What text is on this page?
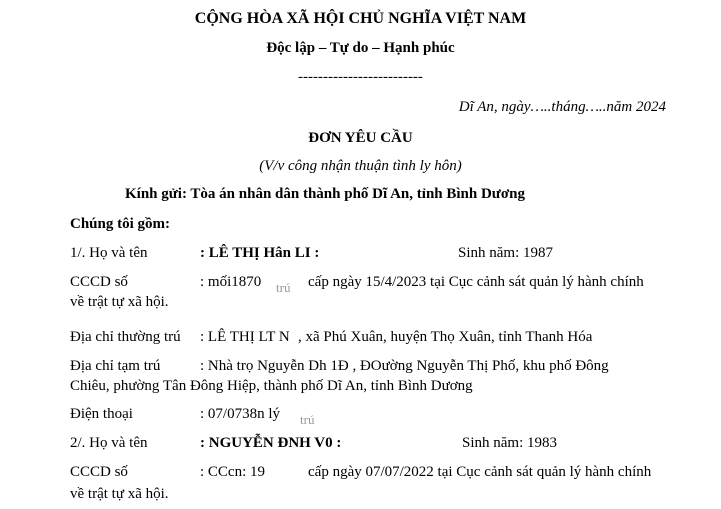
CỘNG HÒA XÃ HỘI CHỦ NGHĨA VIỆT NAM
Độc lập – Tự do – Hạnh phúc
-------------------------
Dĩ An, ngày…..tháng…..năm 2024
ĐƠN YÊU CẦU
(V/v công nhận thuận tình ly hôn)
Kính gửi: Tòa án nhân dân thành phố Dĩ An, tỉnh Bình Dương
Chúng tôi gồm:
1/. Họ và tên	: LÊ THỊ Hân LI :	Sinh năm: 1987
CCCD số	: mối1870 trú cấp ngày 15/4/2023 tại Cục cảnh sát quản lý hành chính
về trật tự xã hội.
Địa chỉ thường trú : LÊ THỊ LT N , xã Phú Xuân, huyện Thọ Xuân, tỉnh Thanh Hóa
Địa chỉ tạm trú	: Nhà trọ Nguyễn Dh 1Đ , ĐOường Nguyễn Thị Phố, khu phố Đông
Chiêu, phường Tân Đông Hiệp, thành phố Dĩ An, tỉnh Bình Dương
Điện thoại	: 07/0738n lý trú
2/. Họ và tên	: NGUYỄN ĐNH V0 :	Sinh năm: 1983
CCCD số	: CCcn: 19	cấp ngày 07/07/2022 tại Cục cảnh sát quản lý hành chính
về trật tự xã hội.
